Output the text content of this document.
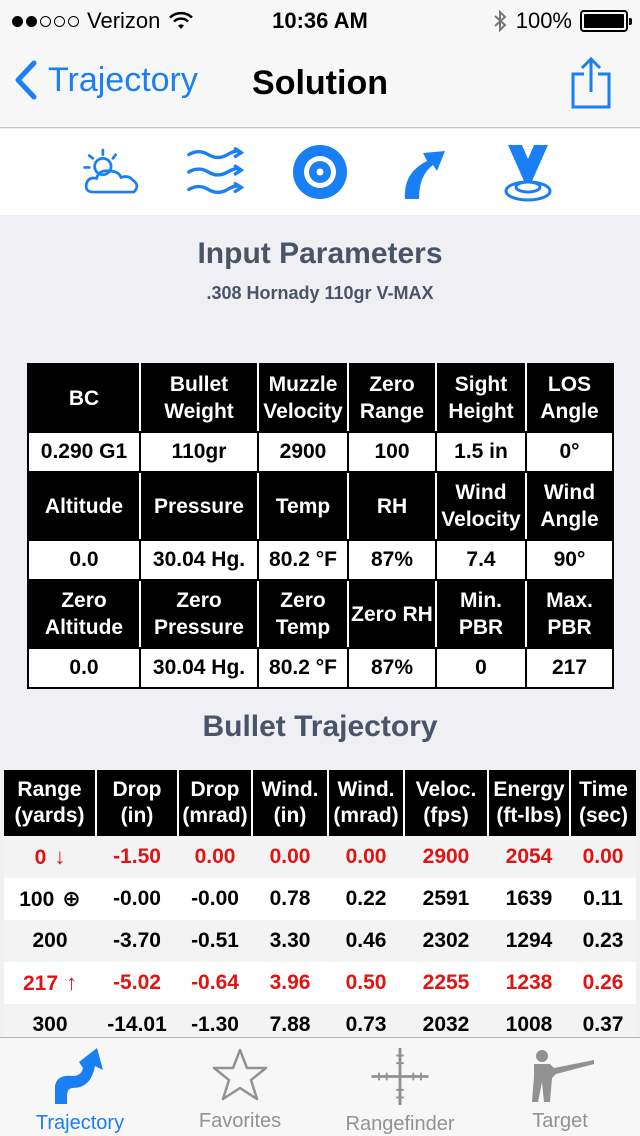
Verizon	10:36 AM	100%
Trajectory	Solution
Input Parameters
.308 Hornady 110gr V-MAX
BC	Bullet Weight	Muzzle Velocity	Zero Range	Sight Height	LOS Angle
0.290 G1	110gr	2900	100	1.5 in	0°
Altitude	Pressure	Temp	RH	Wind Velocity	Wind Angle
0.0	30.04 Hg.	80.2 °F	87%	7.4	90°
Zero Altitude	Zero Pressure	Zero Temp	Zero RH	Min. PBR	Max. PBR
0.0	30.04 Hg.	80.2 °F	87%	0	217
Bullet Trajectory
Range (yards)	Drop (in)	Drop (mrad)	Wind. (in)	Wind. (mrad)	Veloc. (fps)	Energy (ft-lbs)	Time (sec)
0 ↓	-1.50	0.00	0.00	0.00	2900	2054	0.00
100 ⊕	-0.00	-0.00	0.78	0.22	2591	1639	0.11
200	-3.70	-0.51	3.30	0.46	2302	1294	0.23
217 ↑	-5.02	-0.64	3.96	0.50	2255	1238	0.26
300	-14.01	-1.30	7.88	0.73	2032	1008	0.37
Trajectory	Favorites	Rangefinder	Target
